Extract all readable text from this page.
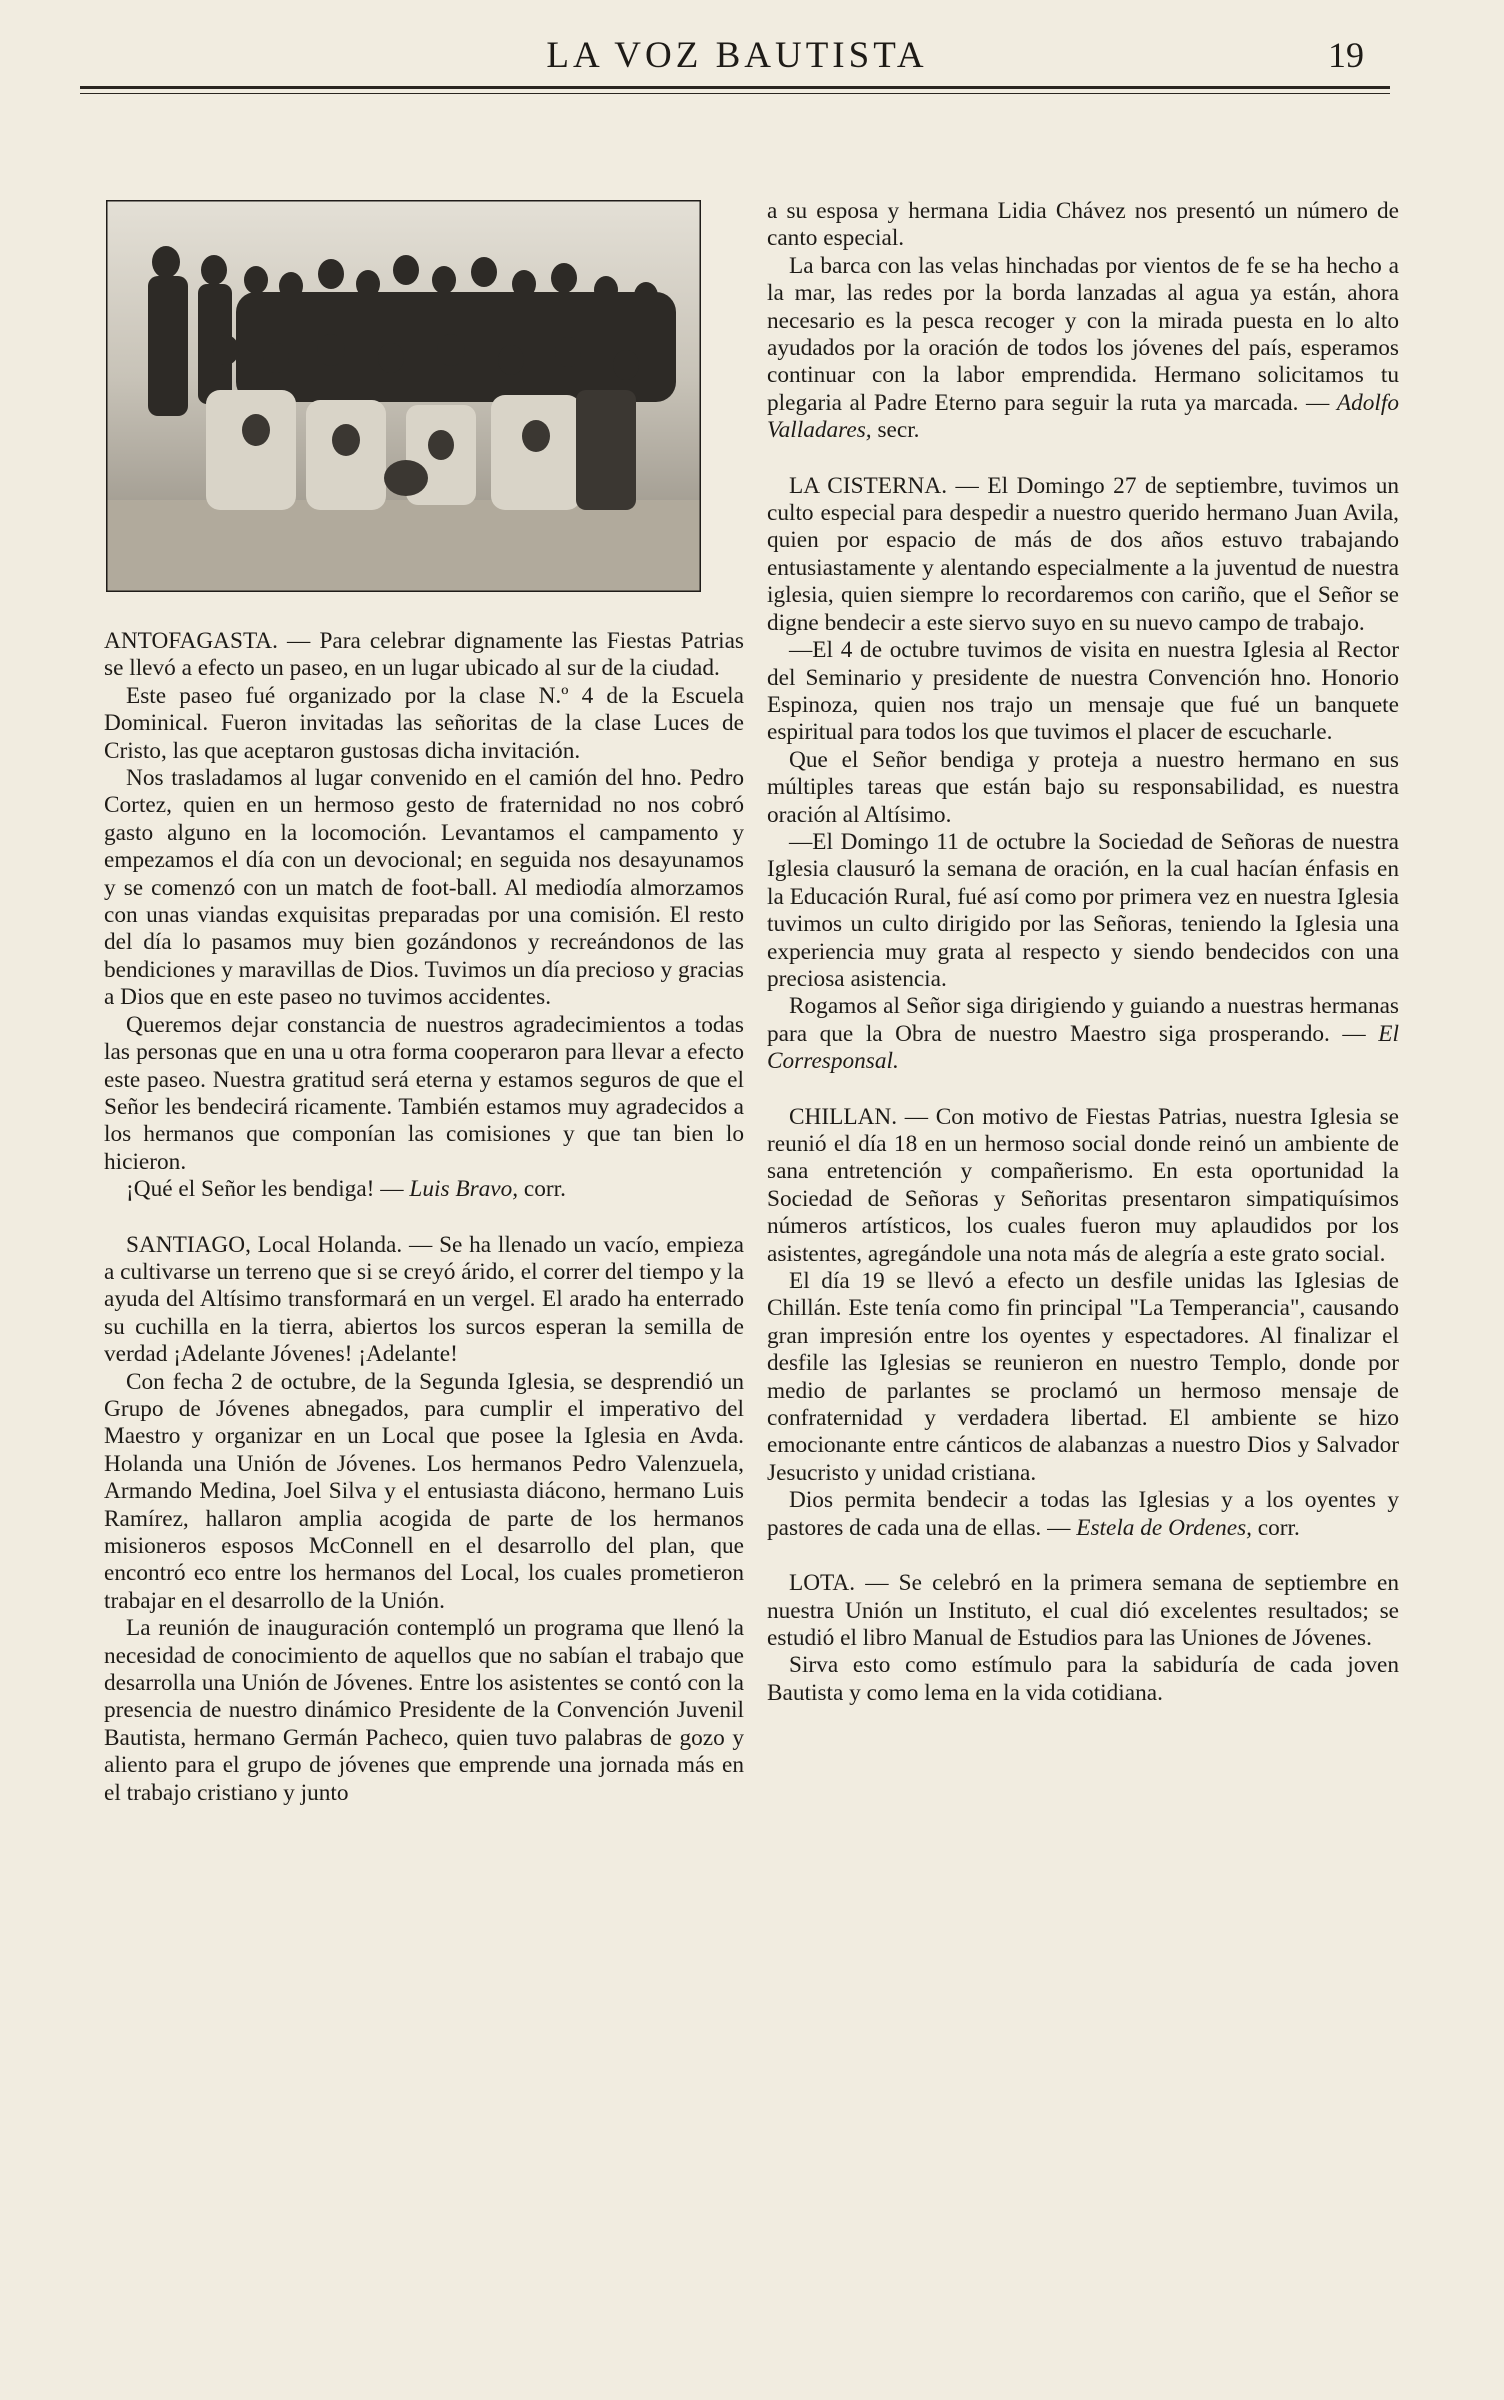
LA VOZ BAUTISTA	19

ANTOFAGASTA. — Para celebrar dignamente las Fiestas Patrias se llevó a efecto un paseo, en un lugar ubicado al sur de la ciudad.

Este paseo fué organizado por la clase N.º 4 de la Escuela Dominical. Fueron invitadas las señoritas de la clase Luces de Cristo, las que aceptaron gustosas dicha invitación.

Nos trasladamos al lugar convenido en el camión del hno. Pedro Cortez, quien en un hermoso gesto de fraternidad no nos cobró gasto alguno en la locomoción. Levantamos el campamento y empezamos el día con un devocional; en seguida nos desayunamos y se comenzó con un match de foot-ball. Al mediodía almorzamos con unas viandas exquisitas preparadas por una comisión. El resto del día lo pasamos muy bien gozándonos y recreándonos de las bendiciones y maravillas de Dios. Tuvimos un día precioso y gracias a Dios que en este paseo no tuvimos accidentes.

Queremos dejar constancia de nuestros agradecimientos a todas las personas que en una u otra forma cooperaron para llevar a efecto este paseo. Nuestra gratitud será eterna y estamos seguros de que el Señor les bendecirá ricamente. También estamos muy agradecidos a los hermanos que componían las comisiones y que tan bien lo hicieron.

¡Qué el Señor les bendiga! — Luis Bravo, corr.

SANTIAGO, Local Holanda. — Se ha llenado un vacío, empieza a cultivarse un terreno que si se creyó árido, el correr del tiempo y la ayuda del Altísimo transformará en un vergel. El arado ha enterrado su cuchilla en la tierra, abiertos los surcos esperan la semilla de verdad ¡Adelante Jóvenes! ¡Adelante!

Con fecha 2 de octubre, de la Segunda Iglesia, se desprendió un Grupo de Jóvenes abnegados, para cumplir el imperativo del Maestro y organizar en un Local que posee la Iglesia en Avda. Holanda una Unión de Jóvenes. Los hermanos Pedro Valenzuela, Armando Medina, Joel Silva y el entusiasta diácono, hermano Luis Ramírez, hallaron amplia acogida de parte de los hermanos misioneros esposos McConnell en el desarrollo del plan, que encontró eco entre los hermanos del Local, los cuales prometieron trabajar en el desarrollo de la Unión.

La reunión de inauguración contempló un programa que llenó la necesidad de conocimiento de aquellos que no sabían el trabajo que desarrolla una Unión de Jóvenes. Entre los asistentes se contó con la presencia de nuestro dinámico Presidente de la Convención Juvenil Bautista, hermano Germán Pacheco, quien tuvo palabras de gozo y aliento para el grupo de jóvenes que emprende una jornada más en el trabajo cristiano y junto

a su esposa y hermana Lidia Chávez nos presentó un número de canto especial.

La barca con las velas hinchadas por vientos de fe se ha hecho a la mar, las redes por la borda lanzadas al agua ya están, ahora necesario es la pesca recoger y con la mirada puesta en lo alto ayudados por la oración de todos los jóvenes del país, esperamos continuar con la labor emprendida. Hermano solicitamos tu plegaria al Padre Eterno para seguir la ruta ya marcada. — Adolfo Valladares, secr.

LA CISTERNA. — El Domingo 27 de septiembre, tuvimos un culto especial para despedir a nuestro querido hermano Juan Avila, quien por espacio de más de dos años estuvo trabajando entusiastamente y alentando especialmente a la juventud de nuestra iglesia, quien siempre lo recordaremos con cariño, que el Señor se digne bendecir a este siervo suyo en su nuevo campo de trabajo.

—El 4 de octubre tuvimos de visita en nuestra Iglesia al Rector del Seminario y presidente de nuestra Convención hno. Honorio Espinoza, quien nos trajo un mensaje que fué un banquete espiritual para todos los que tuvimos el placer de escucharle.

Que el Señor bendiga y proteja a nuestro hermano en sus múltiples tareas que están bajo su responsabilidad, es nuestra oración al Altísimo.

—El Domingo 11 de octubre la Sociedad de Señoras de nuestra Iglesia clausuró la semana de oración, en la cual hacían énfasis en la Educación Rural, fué así como por primera vez en nuestra Iglesia tuvimos un culto dirigido por las Señoras, teniendo la Iglesia una experiencia muy grata al respecto y siendo bendecidos con una preciosa asistencia.

Rogamos al Señor siga dirigiendo y guiando a nuestras hermanas para que la Obra de nuestro Maestro siga prosperando. — El Corresponsal.

CHILLAN. — Con motivo de Fiestas Patrias, nuestra Iglesia se reunió el día 18 en un hermoso social donde reinó un ambiente de sana entretención y compañerismo. En esta oportunidad la Sociedad de Señoras y Señoritas presentaron simpatiquísimos números artísticos, los cuales fueron muy aplaudidos por los asistentes, agregándole una nota más de alegría a este grato social.

El día 19 se llevó a efecto un desfile unidas las Iglesias de Chillán. Este tenía como fin principal "La Temperancia", causando gran impresión entre los oyentes y espectadores. Al finalizar el desfile las Iglesias se reunieron en nuestro Templo, donde por medio de parlantes se proclamó un hermoso mensaje de confraternidad y verdadera libertad. El ambiente se hizo emocionante entre cánticos de alabanzas a nuestro Dios y Salvador Jesucristo y unidad cristiana.

Dios permita bendecir a todas las Iglesias y a los oyentes y pastores de cada una de ellas. — Estela de Ordenes, corr.

LOTA. — Se celebró en la primera semana de septiembre en nuestra Unión un Instituto, el cual dió excelentes resultados; se estudió el libro Manual de Estudios para las Uniones de Jóvenes.

Sirva esto como estímulo para la sabiduría de cada joven Bautista y como lema en la vida cotidiana.
